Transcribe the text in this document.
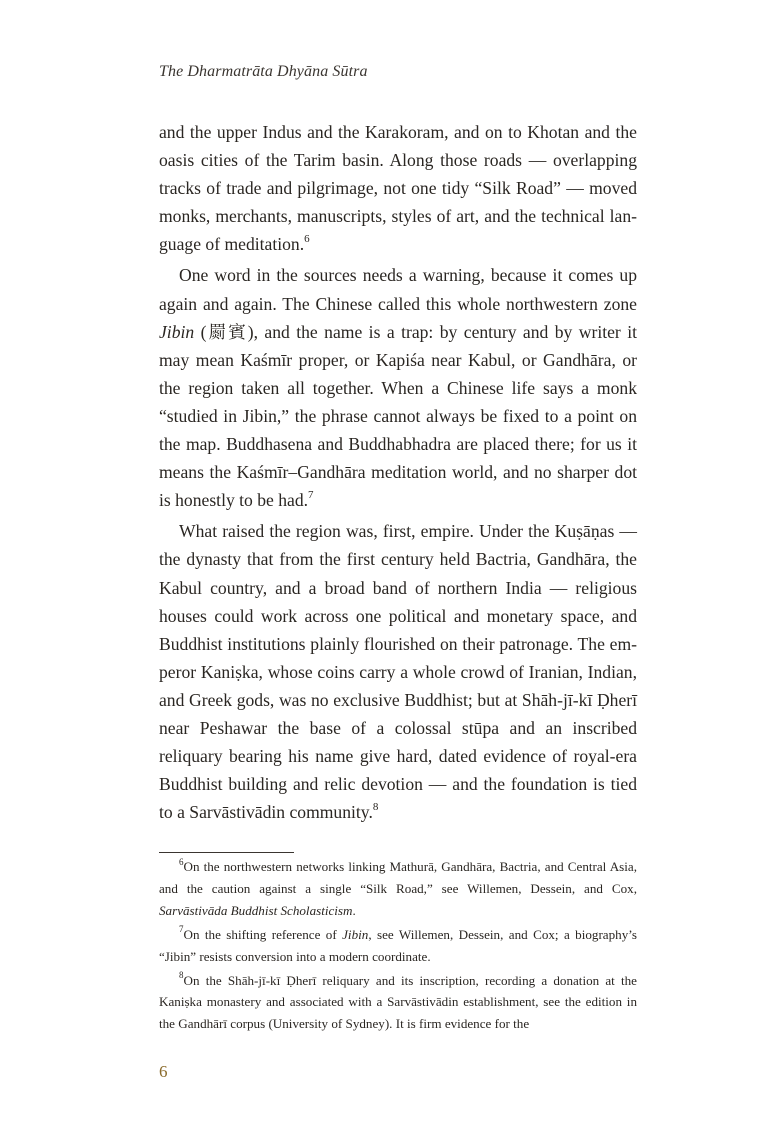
The Dharmatrāta Dhyāna Sūtra

and the upper Indus and the Karakoram, and on to Khotan and the oasis cities of the Tarim basin. Along those roads — overlapping tracks of trade and pilgrimage, not one tidy “Silk Road” — moved monks, merchants, manuscripts, styles of art, and the technical language of meditation.$^6$

One word in the sources needs a warning, because it comes up again and again. The Chinese called this whole northwestern zone Jibin (罽賓), and the name is a trap: by century and by writer it may mean Kaśmīr proper, or Kapiśa near Kabul, or Gandhāra, or the region taken all together. When a Chinese life says a monk “studied in Jibin,” the phrase cannot always be fixed to a point on the map. Buddhasena and Buddhabhadra are placed there; for us it means the Kaśmīr–Gandhāra meditation world, and no sharper dot is honestly to be had.$^7$

What raised the region was, first, empire. Under the Kuṣāṇas — the dynasty that from the first century held Bactria, Gandhāra, the Kabul country, and a broad band of northern India — religious houses could work across one political and monetary space, and Buddhist institutions plainly flourished on their patronage. The emperor Kaniṣka, whose coins carry a whole crowd of Iranian, Indian, and Greek gods, was no exclusive Buddhist; but at Shāh-jī-kī Ḍherī near Peshawar the base of a colossal stūpa and an inscribed reliquary bearing his name give hard, dated evidence of royal-era Buddhist building and relic devotion — and the foundation is tied to a Sarvāstivādin community.$^8$

$^6$On the northwestern networks linking Mathurā, Gandhāra, Bactria, and Central Asia, and the caution against a single “Silk Road,” see Willemen, Dessein, and Cox, Sarvāstivāda Buddhist Scholasticism.

$^7$On the shifting reference of Jibin, see Willemen, Dessein, and Cox; a biography’s “Jibin” resists conversion into a modern coordinate.

$^8$On the Shāh-jī-kī Ḍherī reliquary and its inscription, recording a donation at the Kaniṣka monastery and associated with a Sarvāstivādin establishment, see the edition in the Gandhārī corpus (University of Sydney). It is firm evidence for the

6
